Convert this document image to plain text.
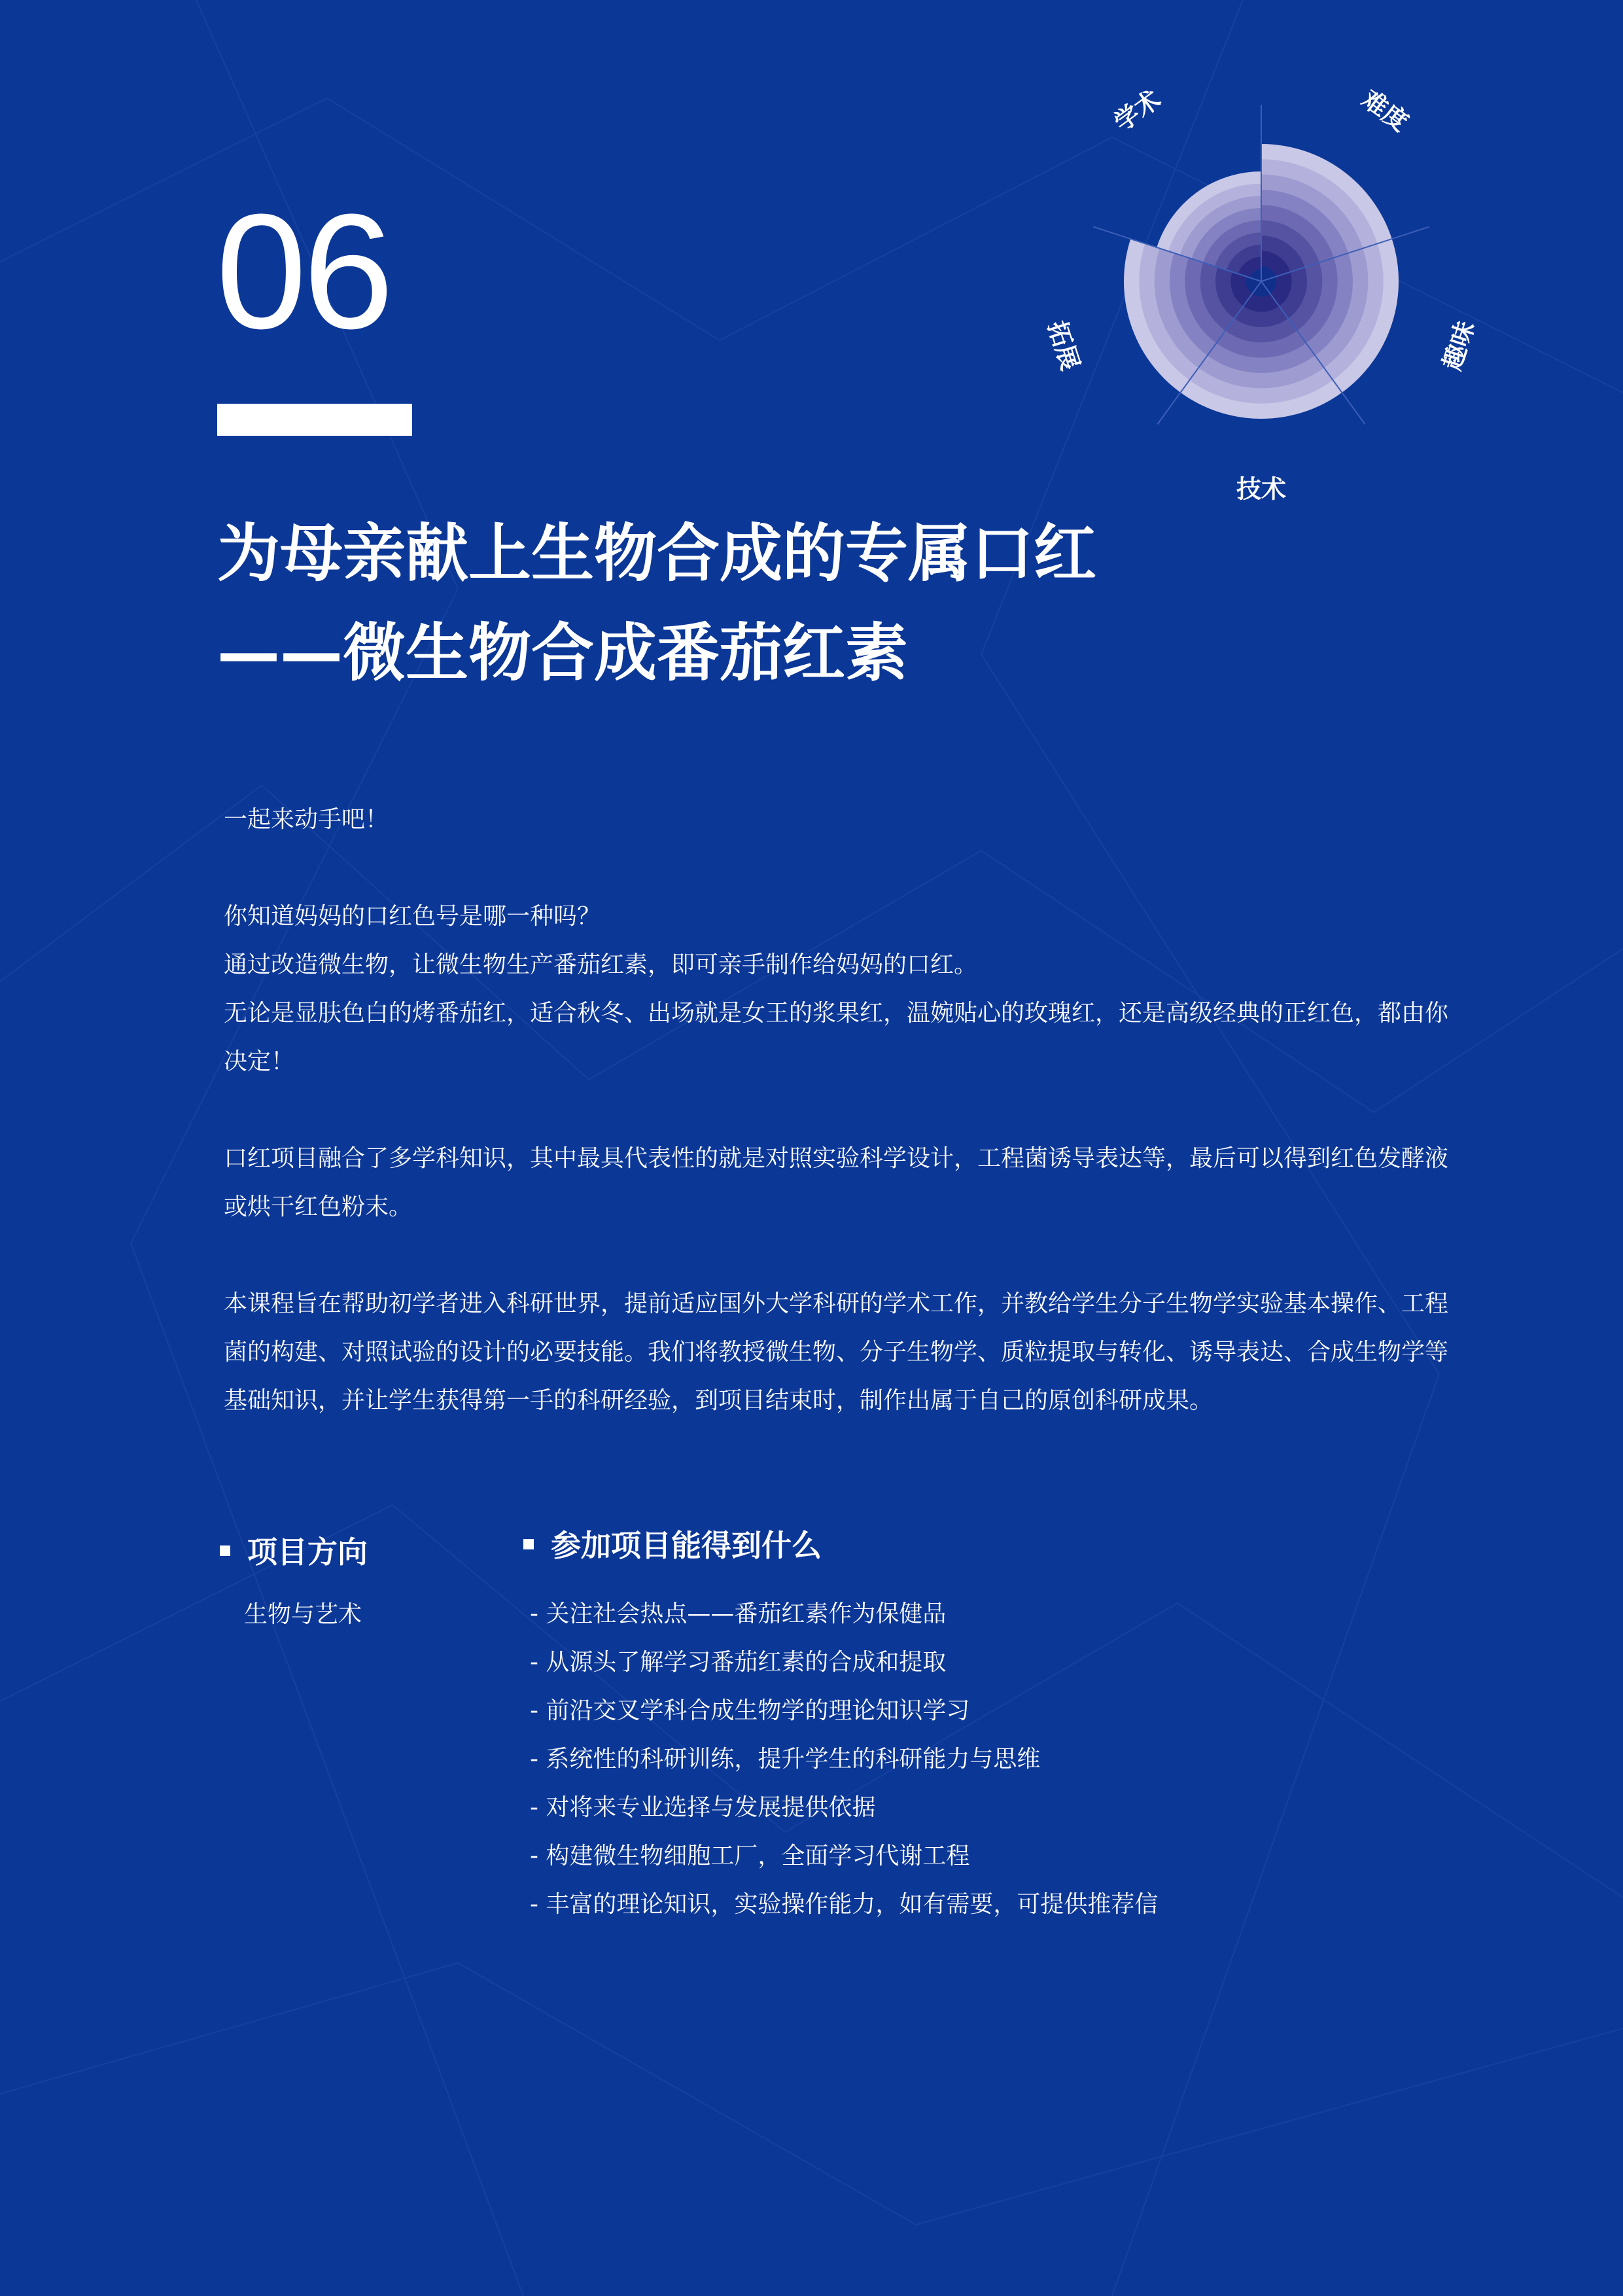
06
为母亲献上生物合成的专属口红
——微生物合成番茄红素

一起来动手吧！

你知道妈妈的口红色号是哪一种吗？

通过改造微生物，让微生物生产番茄红素，即可亲手制作给妈妈的口红。

无论是显肤色白的烤番茄红，适合秋冬、出场就是女王的浆果红，温婉贴心的玫瑰红，还是高级经典的正红色，都由你决定！

口红项目融合了多学科知识，其中最具代表性的就是对照实验科学设计，工程菌诱导表达等，最后可以得到红色发酵液或烘干红色粉末。

本课程旨在帮助初学者进入科研世界，提前适应国外大学科研的学术工作，并教给学生分子生物学实验基本操作、工程菌的构建、对照试验的设计的必要技能。我们将教授微生物、分子生物学、质粒提取与转化、诱导表达、合成生物学等基础知识，并让学生获得第一手的科研经验，到项目结束时，制作出属于自己的原创科研成果。

项目方向
生物与艺术
参加项目能得到什么
- 关注社会热点——番茄红素作为保健品
- 从源头了解学习番茄红素的合成和提取
- 前沿交叉学科合成生物学的理论知识学习
- 系统性的科研训练，提升学生的科研能力与思维
- 对将来专业选择与发展提供依据
- 构建微生物细胞工厂，全面学习代谢工程
- 丰富的理论知识，实验操作能力，如有需要，可提供推荐信
学术	难度
趣味
技术
拓展
